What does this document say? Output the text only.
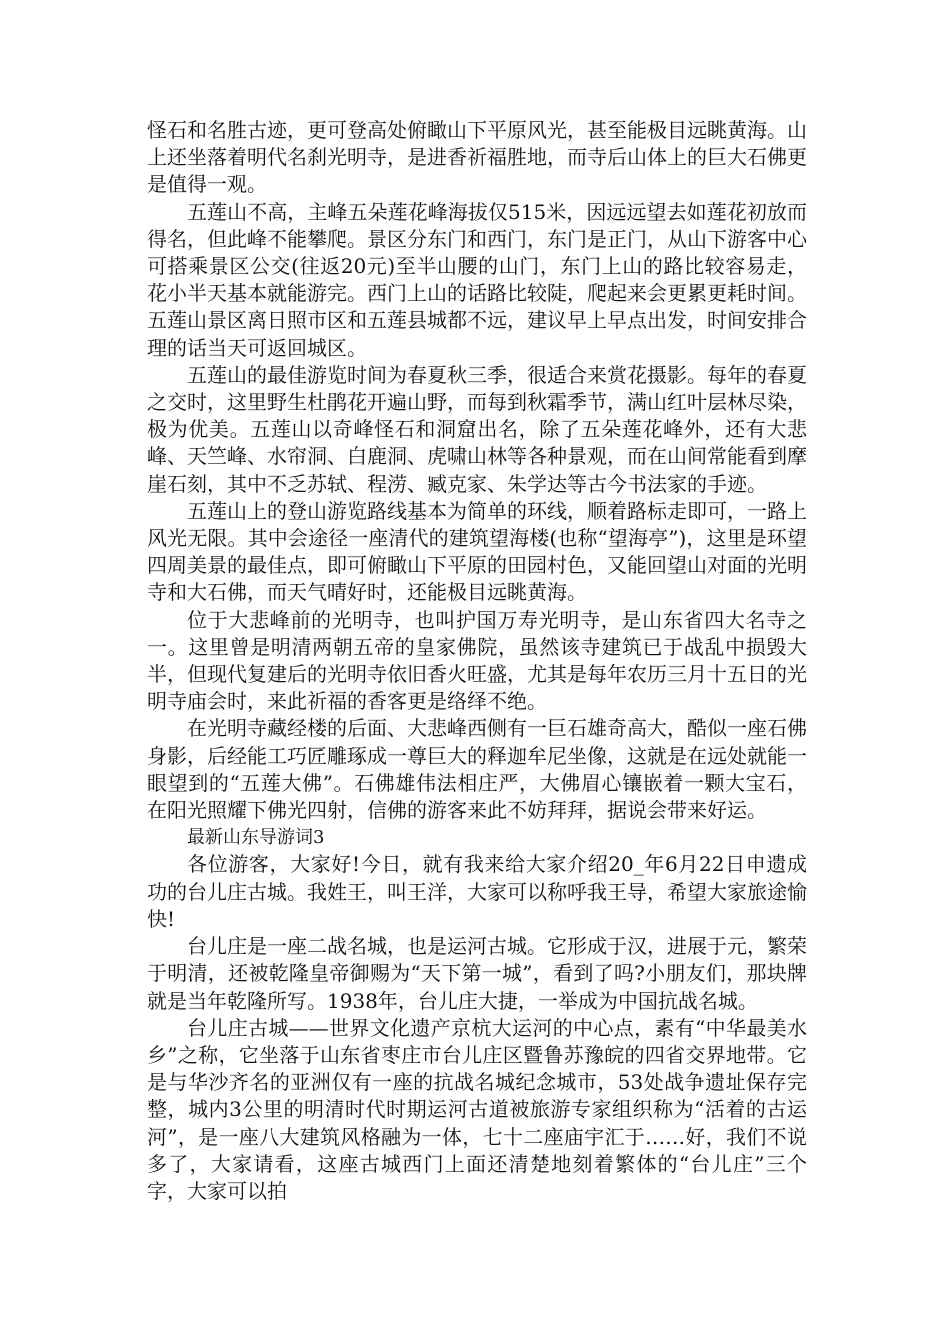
怪石和名胜古迹，更可登高处俯瞰山下平原风光，甚至能极目远眺黄海。山上还坐落着明代名刹光明寺，是进香祈福胜地，而寺后山体上的巨大石佛更是值得一观。

五莲山不高，主峰五朵莲花峰海拔仅515米，因远远望去如莲花初放而得名，但此峰不能攀爬。景区分东门和西门，东门是正门，从山下游客中心可搭乘景区公交(往返20元)至半山腰的山门，东门上山的路比较容易走，花小半天基本就能游完。西门上山的话路比较陡，爬起来会更累更耗时间。五莲山景区离日照市区和五莲县城都不远，建议早上早点出发，时间安排合理的话当天可返回城区。

五莲山的最佳游览时间为春夏秋三季，很适合来赏花摄影。每年的春夏之交时，这里野生杜鹃花开遍山野，而每到秋霜季节，满山红叶层林尽染，极为优美。五莲山以奇峰怪石和洞窟出名，除了五朵莲花峰外，还有大悲峰、天竺峰、水帘洞、白鹿洞、虎啸山林等各种景观，而在山间常能看到摩崖石刻，其中不乏苏轼、程涝、臧克家、朱学达等古今书法家的手迹。

五莲山上的登山游览路线基本为简单的环线，顺着路标走即可，一路上风光无限。其中会途径一座清代的建筑望海楼(也称“望海亭”)，这里是环望四周美景的最佳点，即可俯瞰山下平原的田园村色，又能回望山对面的光明寺和大石佛，而天气晴好时，还能极目远眺黄海。

位于大悲峰前的光明寺，也叫护国万寿光明寺，是山东省四大名寺之一。这里曾是明清两朝五帝的皇家佛院，虽然该寺建筑已于战乱中损毁大半，但现代复建后的光明寺依旧香火旺盛，尤其是每年农历三月十五日的光明寺庙会时，来此祈福的香客更是络绎不绝。

在光明寺藏经楼的后面、大悲峰西侧有一巨石雄奇高大，酷似一座石佛身影，后经能工巧匠雕琢成一尊巨大的释迦牟尼坐像，这就是在远处就能一眼望到的“五莲大佛”。石佛雄伟法相庄严，大佛眉心镶嵌着一颗大宝石，在阳光照耀下佛光四射，信佛的游客来此不妨拜拜，据说会带来好运。

最新山东导游词3

各位游客，大家好!今日，就有我来给大家介绍20_年6月22日申遗成功的台儿庄古城。我姓王，叫王洋，大家可以称呼我王导，希望大家旅途愉快!

台儿庄是一座二战名城，也是运河古城。它形成于汉，进展于元，繁荣于明清，还被乾隆皇帝御赐为“天下第一城”，看到了吗?小朋友们，那块牌就是当年乾隆所写。1938年，台儿庄大捷，一举成为中国抗战名城。

台儿庄古城——世界文化遗产京杭大运河的中心点，素有“中华最美水乡”之称，它坐落于山东省枣庄市台儿庄区暨鲁苏豫皖的四省交界地带。它是与华沙齐名的亚洲仅有一座的抗战名城纪念城市，53处战争遗址保存完整，城内3公里的明清时代时期运河古道被旅游专家组织称为“活着的古运河”，是一座八大建筑风格融为一体，七十二座庙宇汇于……好，我们不说多了，大家请看，这座古城西门上面还清楚地刻着繁体的“台儿庄”三个字，大家可以拍
